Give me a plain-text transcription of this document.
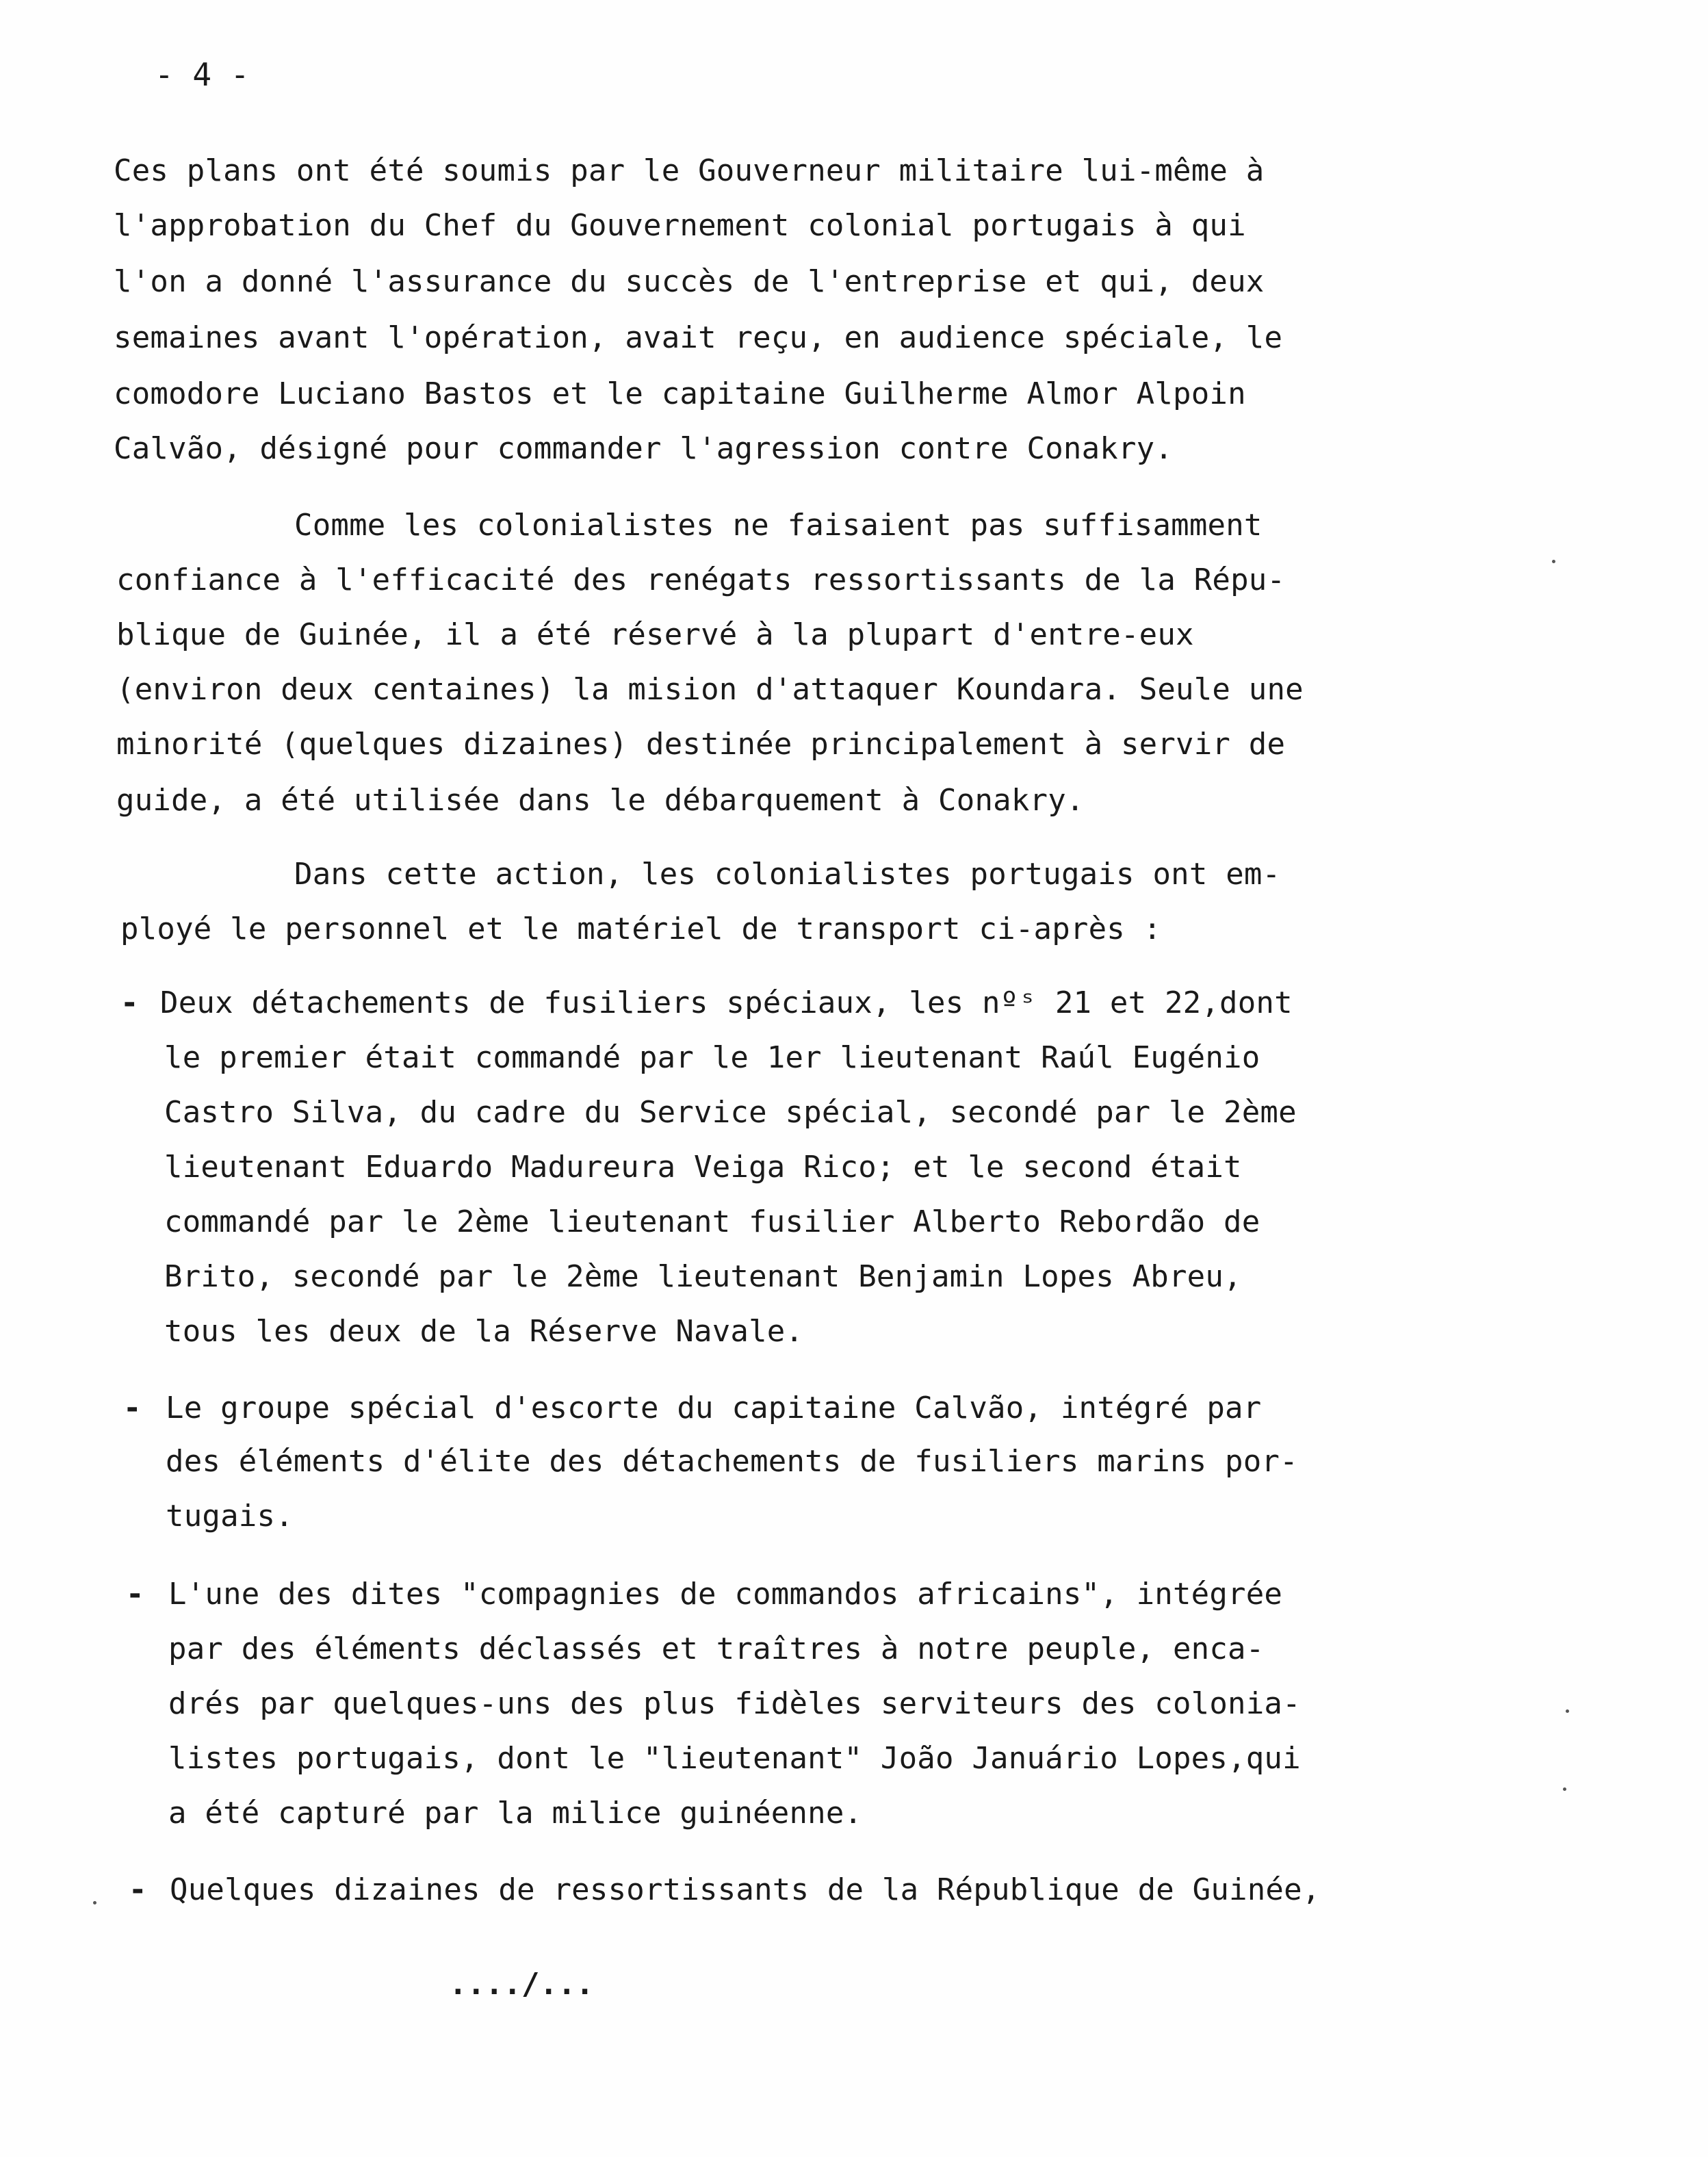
- 4 -
Ces plans ont été soumis par le Gouverneur militaire lui-même à
l'approbation du Chef du Gouvernement colonial portugais à qui
l'on a donné l'assurance du succès de l'entreprise et qui, deux
semaines avant l'opération, avait reçu, en audience spéciale, le
comodore Luciano Bastos et le capitaine Guilherme Almor Alpoin
Calvão, désigné pour commander l'agression contre Conakry.
Comme les colonialistes ne faisaient pas suffisamment
confiance à l'efficacité des renégats ressortissants de la Répu-
blique de Guinée, il a été réservé à la plupart d'entre-eux
(environ deux centaines) la mision d'attaquer Koundara. Seule une
minorité (quelques dizaines) destinée principalement à servir de
guide, a été utilisée dans le débarquement à Conakry.
Dans cette action, les colonialistes portugais ont em-
ployé le personnel et le matériel de transport ci-après :
- Deux détachements de fusiliers spéciaux, les nºˢ 21 et 22,dont
le premier était commandé par le 1er lieutenant Raúl Eugénio
Castro Silva, du cadre du Service spécial, secondé par le 2ème
lieutenant Eduardo Madureura Veiga Rico; et le second était
commandé par le 2ème lieutenant fusilier Alberto Rebordão de
Brito, secondé par le 2ème lieutenant Benjamin Lopes Abreu,
tous les deux de la Réserve Navale.
- Le groupe spécial d'escorte du capitaine Calvão, intégré par
des éléments d'élite des détachements de fusiliers marins por-
tugais.
- L'une des dites "compagnies de commandos africains", intégrée
par des éléments déclassés et traîtres à notre peuple, enca-
drés par quelques-uns des plus fidèles serviteurs des colonia-
listes portugais, dont le "lieutenant" João Januário Lopes,qui
a été capturé par la milice guinéenne.
- Quelques dizaines de ressortissants de la République de Guinée,
..../...
